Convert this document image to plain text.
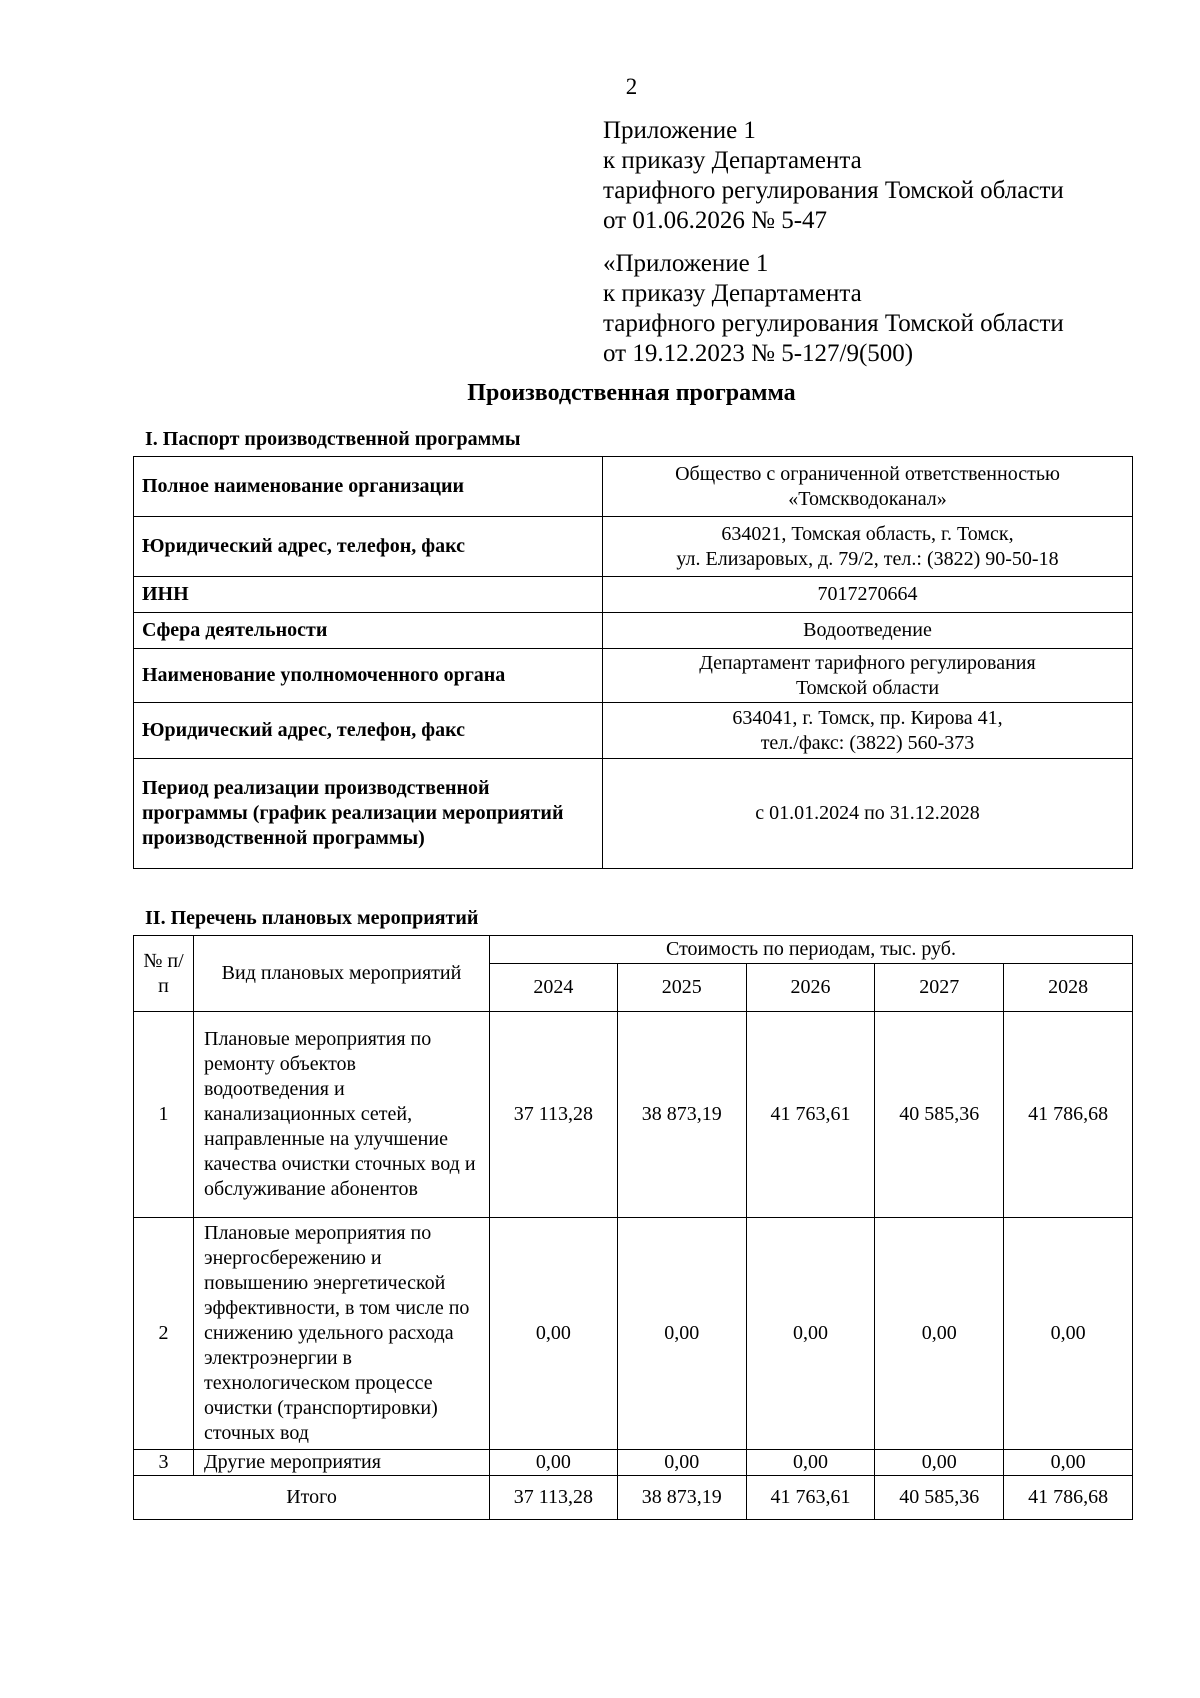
2
Приложение 1
к приказу Департамента
тарифного регулирования Томской области
от 01.06.2026 № 5-47
«Приложение 1
к приказу Департамента
тарифного регулирования Томской области
от 19.12.2023 № 5-127/9(500)
Производственная программа
I. Паспорт производственной программы
Полное наименование организации	Общество с ограниченной ответственностью
«Томскводоканал»
Юридический адрес, телефон, факс	634021, Томская область, г. Томск,
ул. Елизаровых, д. 79/2, тел.: (3822) 90-50-18
ИНН	7017270664
Сфера деятельности	Водоотведение
Наименование уполномоченного органа	Департамент тарифного регулирования
Томской области
Юридический адрес, телефон, факс	634041, г. Томск, пр. Кирова 41,
тел./факс: (3822) 560-373
Период реализации производственной программы (график реализации мероприятий производственной программы)	с 01.01.2024 по 31.12.2028
II. Перечень плановых мероприятий
№ п/п	Вид плановых мероприятий	Стоимость по периодам, тыс. руб.				
		2024	2025	2026	2027	2028
1	Плановые мероприятия по ремонту объектов водоотведения и канализационных сетей, направленные на улучшение качества очистки сточных вод и обслуживание абонентов	37 113,28	38 873,19	41 763,61	40 585,36	41 786,68
2	Плановые мероприятия по энергосбережению и повышению энергетической эффективности, в том числе по снижению удельного расхода электроэнергии в технологическом процессе очистки (транспортировки) сточных вод	0,00	0,00	0,00	0,00	0,00
3	Другие мероприятия	0,00	0,00	0,00	0,00	0,00
Итого		37 113,28	38 873,19	41 763,61	40 585,36	41 786,68
